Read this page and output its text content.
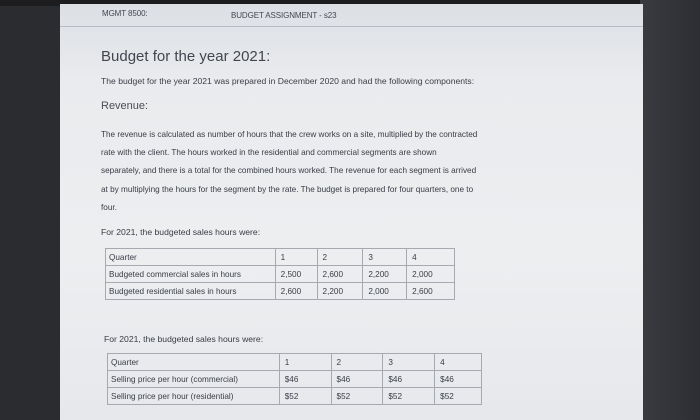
MGMT 8500:	BUDGET ASSIGNMENT - s23
Budget for the year 2021:
The budget for the year 2021 was prepared in December 2020 and had the following components:
Revenue:
The revenue is calculated as number of hours that the crew works on a site, multiplied by the contracted
rate with the client. The hours worked in the residential and commercial segments are shown
separately, and there is a total for the combined hours worked. The revenue for each segment is arrived
at by multiplying the hours for the segment by the rate. The budget is prepared for four quarters, one to
four.
For 2021, the budgeted sales hours were:
Quarter	1	2	3	4
Budgeted commercial sales in hours	2,500	2,600	2,200	2,000
Budgeted residential sales in hours	2,600	2,200	2,000	2,600
For 2021, the budgeted sales hours were:
Quarter	1	2	3	4
Selling price per hour (commercial)	$46	$46	$46	$46
Selling price per hour (residential)	$52	$52	$52	$52
